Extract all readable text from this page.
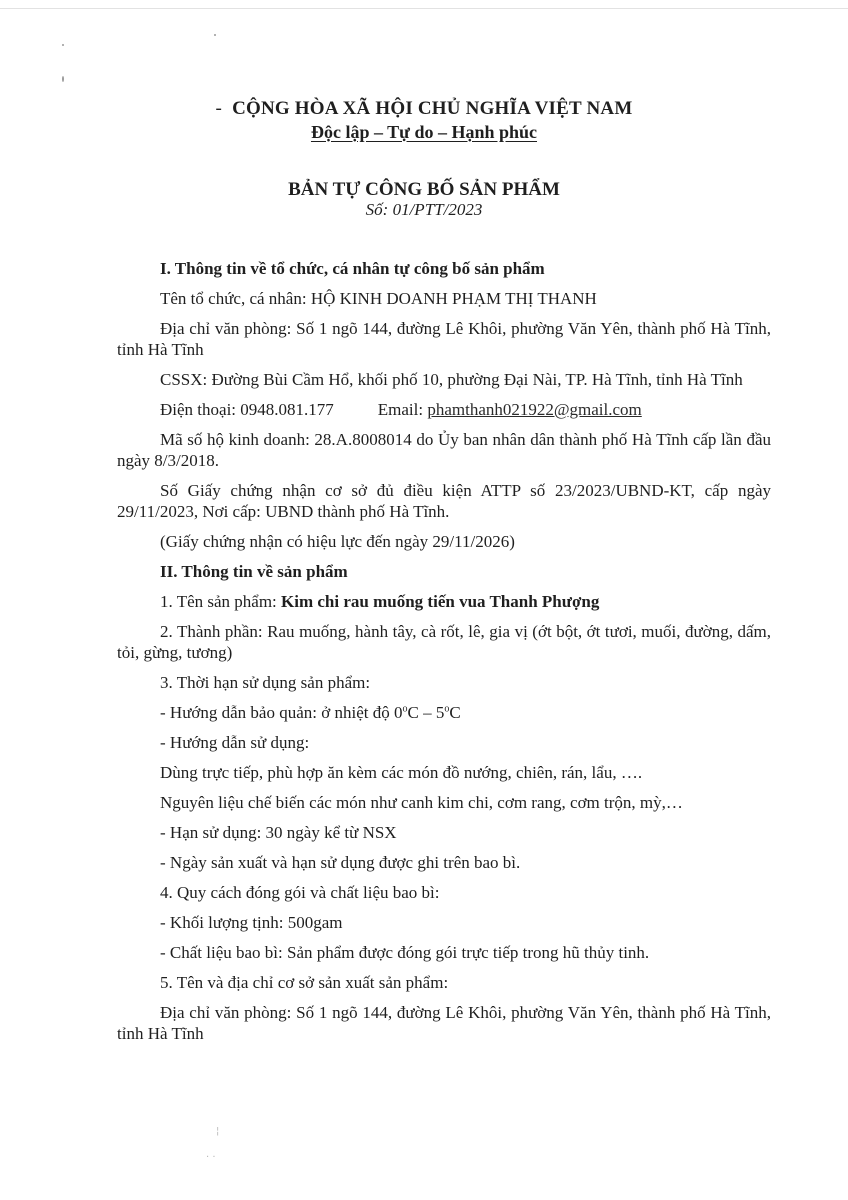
- CỘNG HÒA XÃ HỘI CHỦ NGHĨA VIỆT NAM
Độc lập – Tự do – Hạnh phúc
BẢN TỰ CÔNG BỐ SẢN PHẨM
Số: 01/PTT/2023

I. Thông tin về tổ chức, cá nhân tự công bố sản phẩm

Tên tổ chức, cá nhân: HỘ KINH DOANH PHẠM THỊ THANH

Địa chỉ văn phòng: Số 1 ngõ 144, đường Lê Khôi, phường Văn Yên, thành phố Hà Tĩnh, tỉnh Hà Tĩnh

CSSX: Đường Bùi Cầm Hổ, khối phố 10, phường Đại Nài, TP. Hà Tĩnh, tỉnh Hà Tĩnh

Điện thoại: 0948.081.177	Email: phamthanh021922@gmail.com

Mã số hộ kinh doanh: 28.A.8008014 do Ủy ban nhân dân thành phố Hà Tĩnh cấp lần đầu ngày 8/3/2018.

Số Giấy chứng nhận cơ sở đủ điều kiện ATTP số 23/2023/UBND-KT, cấp ngày 29/11/2023, Nơi cấp: UBND thành phố Hà Tĩnh.

(Giấy chứng nhận có hiệu lực đến ngày 29/11/2026)

II. Thông tin về sản phẩm

1. Tên sản phẩm: Kim chi rau muống tiến vua Thanh Phượng

2. Thành phần: Rau muống, hành tây, cà rốt, lê, gia vị (ớt bột, ớt tươi, muối, đường, dấm, tỏi, gừng, tương)

3. Thời hạn sử dụng sản phẩm:

- Hướng dẫn bảo quản: ở nhiệt độ 0$^o$C – 5$^o$C

- Hướng dẫn sử dụng:

Dùng trực tiếp, phù hợp ăn kèm các món đồ nướng, chiên, rán, lẩu, ….

Nguyên liệu chế biến các món như canh kim chi, cơm rang, cơm trộn, mỳ,…

- Hạn sử dụng: 30 ngày kể từ NSX

- Ngày sản xuất và hạn sử dụng được ghi trên bao bì.

4. Quy cách đóng gói và chất liệu bao bì:

- Khối lượng tịnh: 500gam

- Chất liệu bao bì: Sản phẩm được đóng gói trực tiếp trong hũ thủy tinh.

5. Tên và địa chỉ cơ sở sản xuất sản phẩm:

Địa chỉ văn phòng: Số 1 ngõ 144, đường Lê Khôi, phường Văn Yên, thành phố Hà Tĩnh, tỉnh Hà Tĩnh

¦
· ·
